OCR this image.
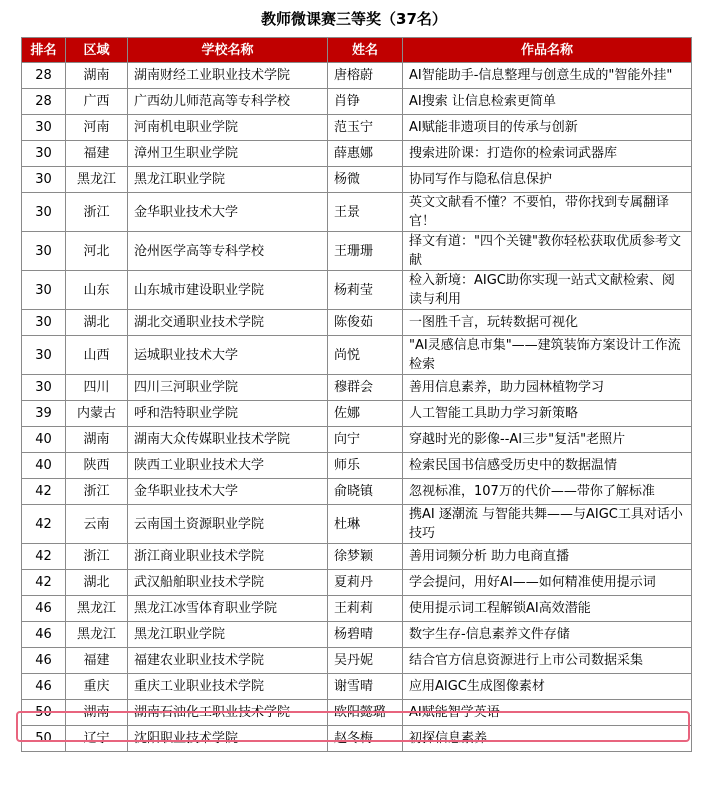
教师微课赛三等奖（37名）
排名	区域	学校名称	姓名	作品名称
28	湖南	湖南财经工业职业技术学院	唐榕蔚	AI智能助手-信息整理与创意生成的"智能外挂"
28	广西	广西幼儿师范高等专科学校	肖铮	AI搜索 让信息检索更简单
30	河南	河南机电职业学院	范玉宁	AI赋能非遗项目的传承与创新
30	福建	漳州卫生职业学院	薛惠娜	搜索进阶课：打造你的检索词武器库
30	黑龙江	黑龙江职业学院	杨微	协同写作与隐私信息保护
30	浙江	金华职业技术大学	王景	英文文献看不懂？不要怕，带你找到专属翻译官！
30	河北	沧州医学高等专科学校	王珊珊	择文有道："四个关键"教你轻松获取优质参考文献
30	山东	山东城市建设职业学院	杨莉莹	检入新境：AIGC助你实现一站式文献检索、阅读与利用
30	湖北	湖北交通职业技术学院	陈俊茹	一图胜千言，玩转数据可视化
30	山西	运城职业技术大学	尚悦	"AI灵感信息市集"——建筑装饰方案设计工作流检索
30	四川	四川三河职业学院	穆群会	善用信息素养，助力园林植物学习
39	内蒙古	呼和浩特职业学院	佐娜	人工智能工具助力学习新策略
40	湖南	湖南大众传媒职业技术学院	向宁	穿越时光的影像--AI三步"复活"老照片
40	陕西	陕西工业职业技术大学	师乐	检索民国书信感受历史中的数据温情
42	浙江	金华职业技术大学	俞晓镇	忽视标准，107万的代价——带你了解标准
42	云南	云南国土资源职业学院	杜琳	携AI 逐潮流 与智能共舞——与AIGC工具对话小技巧
42	浙江	浙江商业职业技术学院	徐梦颖	善用词频分析 助力电商直播
42	湖北	武汉船舶职业技术学院	夏莉丹	学会提问，用好AI——如何精准使用提示词
46	黑龙江	黑龙江冰雪体育职业学院	王莉莉	使用提示词工程解锁AI高效潜能
46	黑龙江	黑龙江职业学院	杨碧晴	数字生存-信息素养文件存储
46	福建	福建农业职业技术学院	吴丹妮	结合官方信息资源进行上市公司数据采集
46	重庆	重庆工业职业技术学院	谢雪晴	应用AIGC生成图像素材
50	湖南	湖南石油化工职业技术学院	欧阳懿璐	AI赋能智学英语
50	辽宁	沈阳职业技术学院	赵冬梅	初探信息素养
